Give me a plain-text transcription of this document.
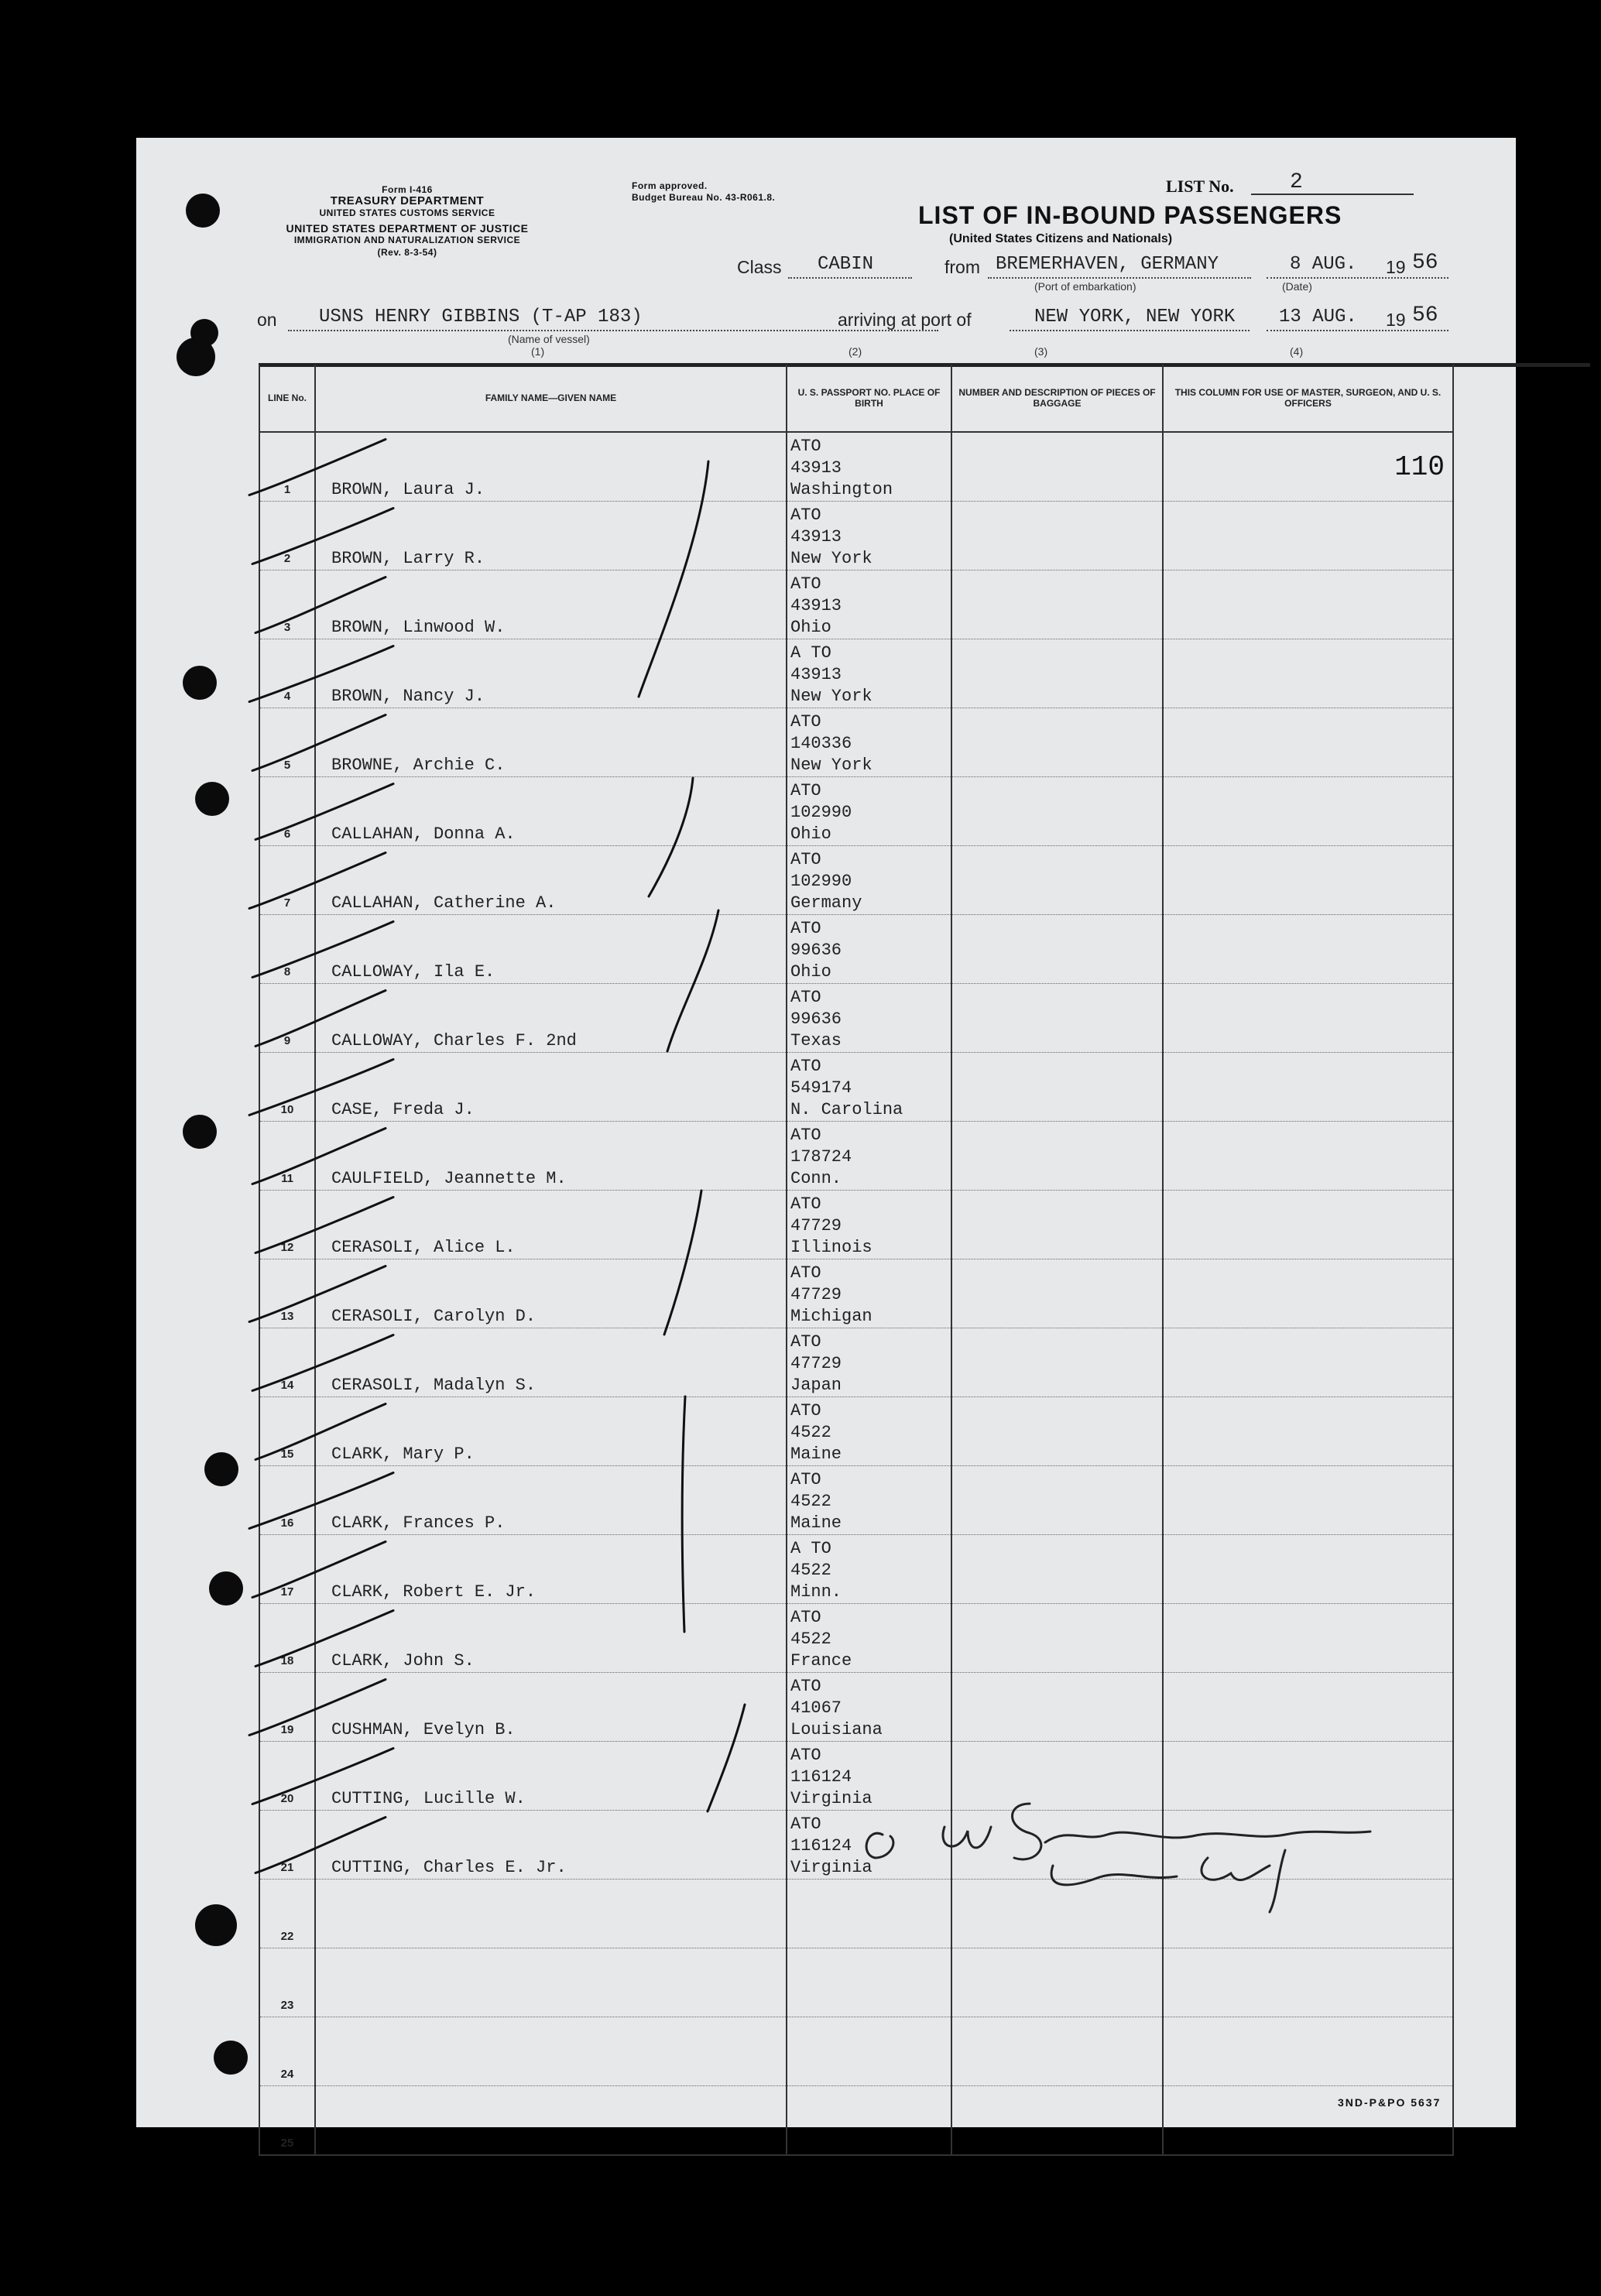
Form I-416
TREASURY DEPARTMENT
UNITED STATES CUSTOMS SERVICE
UNITED STATES DEPARTMENT OF JUSTICE
IMMIGRATION AND NATURALIZATION SERVICE
(Rev. 8-3-54)
Form approved.
Budget Bureau No. 43-R061.8.
LIST No.	2
LIST OF IN-BOUND PASSENGERS
(United States Citizens and Nationals)
Class CABIN	from BREMERHAVEN, GERMANY
(Port of embarkation)
8 AUG. 19 56
(Date)
on USNS HENRY GIBBINS (T-AP 183)
(Name of vessel)
(1)
arriving at port of	NEW YORK, NEW YORK 13 AUG. 19 56
(2)	(3)	(4)
3ND-P&PO 5637
LINE No.	FAMILY NAME—GIVEN NAME	U. S. PASSPORT NO. PLACE OF BIRTH	NUMBER AND DESCRIPTION OF PIECES OF BAGGAGE	THIS COLUMN FOR USE OF MASTER, SURGEON, AND U. S. OFFICERS
1	BROWN, Laura J.	ATO
43913
Washington		110
2	BROWN, Larry R.	ATO
43913
New York		

3	BROWN, Linwood W.	ATO
43913
Ohio		

4	BROWN, Nancy J.	A TO
43913
New York		

5	BROWNE, Archie C.	ATO
140336
New York		

6	CALLAHAN, Donna A.	ATO
102990
Ohio		

7	CALLAHAN, Catherine A.	ATO
102990
Germany		

8	CALLOWAY, Ila E.	ATO
99636
Ohio		

9	CALLOWAY, Charles F. 2nd	ATO
99636
Texas		

10	CASE, Freda J.	ATO
549174
N. Carolina		

11	CAULFIELD, Jeannette M.	ATO
178724
Conn.		

12	CERASOLI, Alice L.	ATO
47729
Illinois		

13	CERASOLI, Carolyn D.	ATO
47729
Michigan		

14	CERASOLI, Madalyn S.	ATO
47729
Japan		

15	CLARK, Mary P.	ATO
4522
Maine		

16	CLARK, Frances P.	ATO
4522
Maine		

17	CLARK, Robert E. Jr.	A TO
4522
Minn.		

18	CLARK, John S.	ATO
4522
France		

19	CUSHMAN, Evelyn B.	ATO
41067
Louisiana		

20	CUTTING, Lucille W.	ATO
116124
Virginia		

21	CUTTING, Charles E. Jr.	ATO
116124
Virginia		

22		

23		

24		

25		
